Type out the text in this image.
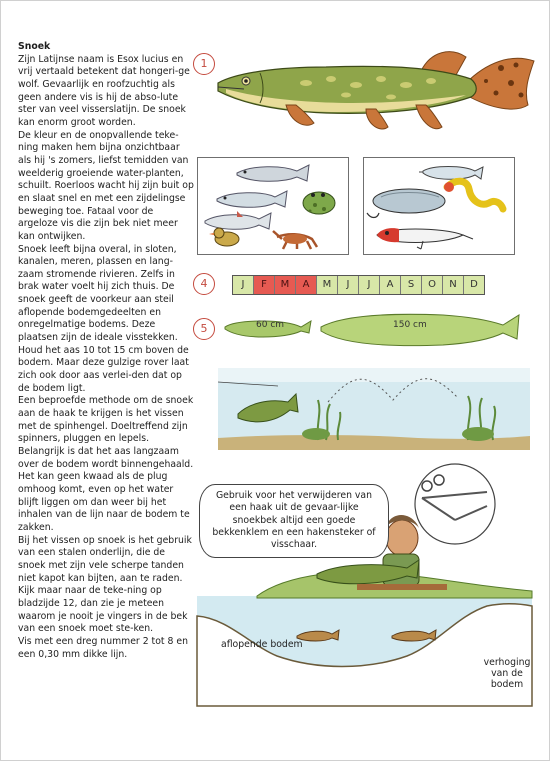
Snoek

Zijn Latijnse naam is Esox lucius en vrij vertaald betekent dat hongeri-ge wolf. Gevaarlijk en roofzuchtig als geen andere vis is hij de abso-lute ster van veel visserslatijn. De snoek kan enorm groot worden.

De kleur en de onopvallende teke-ning maken hem bijna onzichtbaar als hij 's zomers, liefst temidden van weelderig groeiende water-planten, schuilt. Roerloos wacht hij zijn buit op en slaat snel en met een zijdelingse beweging toe. Fataal voor de argeloze vis die zijn bek niet meer kan ontwijken.

Snoek leeft bijna overal, in sloten, kanalen, meren, plassen en lang-zaam stromende rivieren. Zelfs in brak water voelt hij zich thuis. De snoek geeft de voorkeur aan steil aflopende bodemgedeelten en onregelmatige bodems. Deze plaatsen zijn de ideale visstekken. Houd het aas 10 tot 15 cm boven de bodem. Maar deze gulzige rover laat zich ook door aas verlei-den dat op de bodem ligt.

Een beproefde methode om de snoek aan de haak te krijgen is het vissen met de spinhengel. Doeltreffend zijn spinners, pluggen en lepels. Belangrijk is dat het aas langzaam over de bodem wordt binnengehaald. Het kan geen kwaad als de plug omhoog komt, even op het water blijft liggen om dan weer bij het inhalen van de lijn naar de bodem te zakken.

Bij het vissen op snoek is het gebruik van een stalen onderlijn, die de snoek met zijn vele scherpe tanden niet kapot kan bijten, aan te raden. Kijk maar naar de teke-ning op bladzijde 12, dan zie je meteen waarom je nooit je vingers in de bek van een snoek moet ste-ken.

Vis met een dreg nummer 2 tot 8 en een 0,30 mm dikke lijn.

1
4
5
J	F	M	A	M	J	J	A	S	O	N	D
60 cm	150 cm
Gebruik voor het verwijderen van een haak uit de gevaar-lijke snoekbek altijd een goede bekkenklem en een hakensteker of visschaar.
aflopende bodem
verhoging van de bodem
